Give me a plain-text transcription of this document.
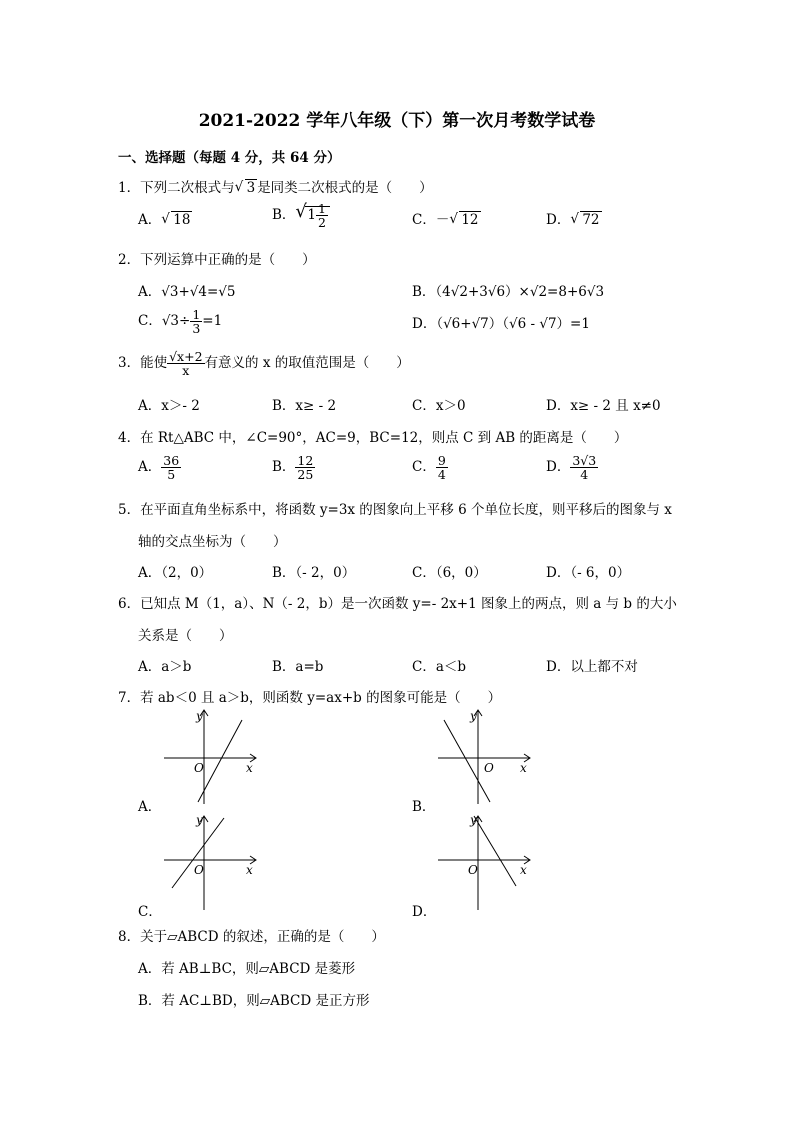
2021-2022 学年八年级（下）第一次月考数学试卷
一、选择题（每题 4 分，共 64 分）
1．下列二次根式与 √ 3 是同类二次根式的是（　　）
A． √ 18	B． √ $1 \frac{1}{2}$	C．－ √ 12	D． √ 72
2．下列运算中正确的是（　　）
A．√3+√4=√5	B．（4√2+3√6）×√2=8+6√3
C．$√3\div \frac{1}{3} =1$	D．（√6+√7）（√6 - √7）=1
3．能使 $\frac{√x+2}{x}$ 有意义的 x 的取值范围是（　　）
A．x＞- 2	B．x≥ - 2	C．x＞0	D．x≥ - 2 且 x≠0
4．在 Rt△ABC 中，∠C=90°，AC=9，BC=12，则点 C 到 AB 的距离是（　　）
A． $\frac{36}{5}$	B． $\frac{12}{25}$	C． $\frac{9}{4}$	D． $\frac{3√3}{4}$
5．在平面直角坐标系中，将函数 y=3x 的图象向上平移 6 个单位长度，则平移后的图象与 x
轴的交点坐标为（　　）
A．（2，0）	B．（- 2，0）	C．（6，0）	D．（- 6，0）
6．已知点 M（1，a）、N（- 2，b）是一次函数 y=- 2x+1 图象上的两点，则 a 与 b 的大小
关系是（　　）
A．a＞b	B．a=b	C．a＜b	D．以上都不对
7．若 ab＜0 且 a＞b，则函数 y=ax+b 的图象可能是（　　）
x
y
O
A．
x
y
O
B．
x
y
O
C．
x
y
O
D．
8．关于▱ABCD 的叙述，正确的是（　　）
A．若 AB⊥BC，则▱ABCD 是菱形
B．若 AC⊥BD，则▱ABCD 是正方形
